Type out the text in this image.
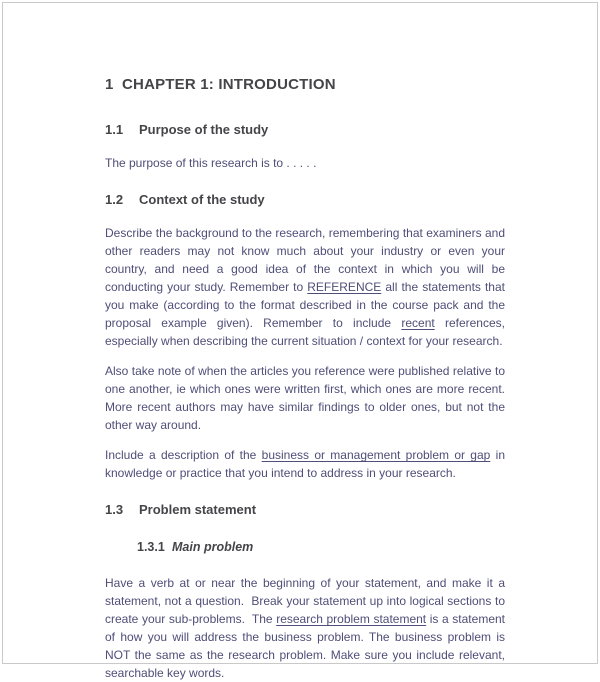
1 CHAPTER 1: INTRODUCTION
1.1 Purpose of the study

The purpose of this research is to . . . . .

1.2 Context of the study

Describe the background to the research, remembering that examiners and other readers may not know much about your industry or even your country, and need a good idea of the context in which you will be conducting your study. Remember to REFERENCE all the statements that you make (according to the format described in the course pack and the proposal example given). Remember to include recent references, especially when describing the current situation / context for your research.

Also take note of when the articles you reference were published relative to one another, ie which ones were written first, which ones are more recent. More recent authors may have similar findings to older ones, but not the other way around.

Include a description of the business or management problem or gap in knowledge or practice that you intend to address in your research.

1.3 Problem statement
1.3.1 Main problem

Have a verb at or near the beginning of your statement, and make it a statement, not a question.  Break your statement up into logical sections to create your sub-problems.  The research problem statement is a statement of how you will address the business problem. The business problem is NOT the same as the research problem. Make sure you include relevant, searchable key words.
